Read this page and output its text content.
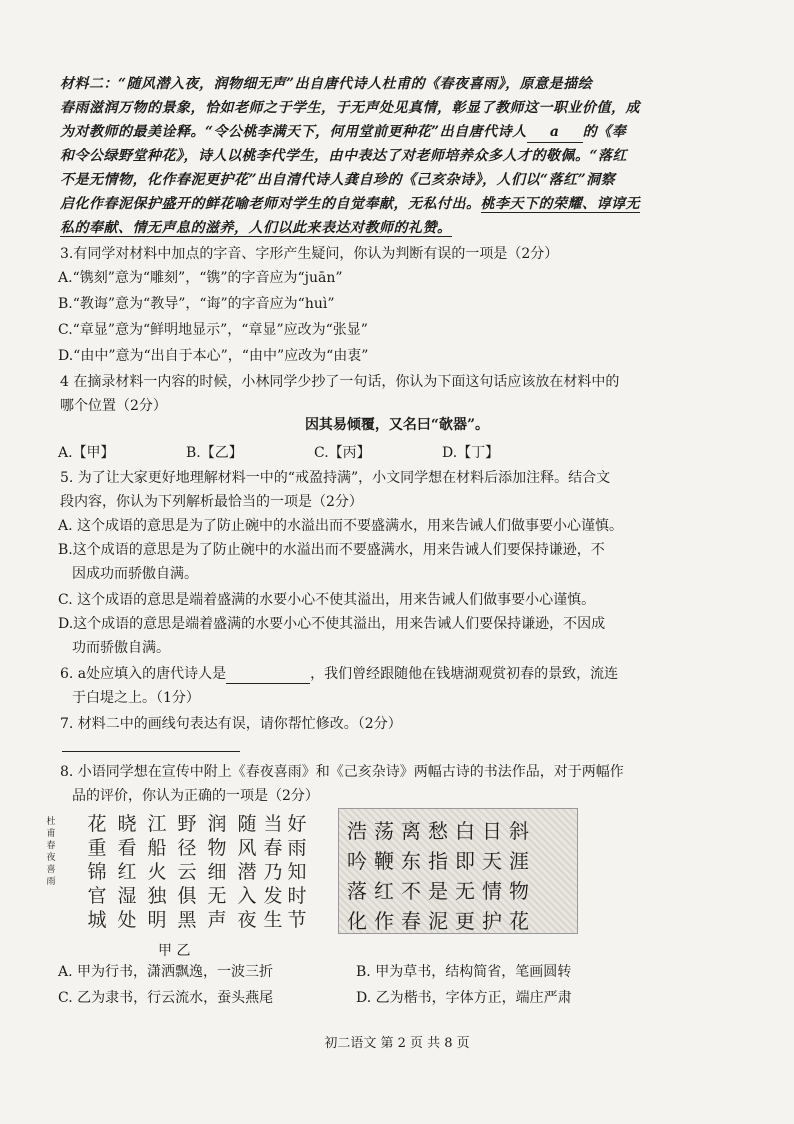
材料二：“随风潜入夜，润物细无声”出自唐代诗人杜甫的《春夜喜雨》，原意是描绘
春雨滋润万物的景象，恰如老师之于学生，于无声处见真情，彰显了教师这一职业价值，成
为对教师的最美诠释。“令公桃李满天下，何用堂前更种花”出自唐代诗人 a 的《奉
和令公绿野堂种花》，诗人以桃李代学生，由中表达了对老师培养众多人才的敬佩。“落红
不是无情物，化作春泥更护花”出自清代诗人龚自珍的《己亥杂诗》，人们以“落红”洞察
启化作春泥保护盛开的鲜花喻老师对学生的自觉奉献，无私付出。桃李天下的荣耀、谆谆无
私的奉献、情无声息的滋养，人们以此来表达对教师的礼赞。
3.有同学对材料中加点的字音、字形产生疑问，你认为判断有误的一项是（2分）
A.“镌刻”意为“雕刻”，“镌”的字音应为“juān”
B.“教诲”意为“教导”，“诲”的字音应为“huì”
C.“章显”意为“鲜明地显示”，“章显”应改为“张显”
D.“由中”意为“出自于本心”，“由中”应改为“由衷”
4 在摘录材料一内容的时候，小林同学少抄了一句话，你认为下面这句话应该放在材料中的
哪个位置（2分）
因其易倾覆，又名曰“欹器”。
A.【甲】	B.【乙】	C.【丙】	D.【丁】
5. 为了让大家更好地理解材料一中的“戒盈持满”，小文同学想在材料后添加注释。结合文
段内容，你认为下列解析最恰当的一项是（2分）
A. 这个成语的意思是为了防止碗中的水溢出而不要盛满水，用来告诫人们做事要小心谨慎。
B.这个成语的意思是为了防止碗中的水溢出而不要盛满水，用来告诫人们要保持谦逊，不
因成功而骄傲自满。
C. 这个成语的意思是端着盛满的水要小心不使其溢出，用来告诫人们做事要小心谨慎。
D.这个成语的意思是端着盛满的水要小心不使其溢出，用来告诫人们要保持谦逊，不因成
功而骄傲自满。
6. a处应填入的唐代诗人是	，我们曾经跟随他在钱塘湖观赏初春的景致，流连
于白堤之上。（1分）
7. 材料二中的画线句表达有误，请你帮忙修改。（2分）
8. 小语同学想在宣传中附上《春夜喜雨》和《己亥杂诗》两幅古诗的书法作品，对于两幅作
品的评价，你认为正确的一项是（2分）
杜
甫
春
夜
喜
雨
花
重
锦
官
城
晓
看
红
湿
处
江
船
火
独
明
野
径
云
俱
黑
润
物
细
无
声
随
风
潜
入
夜
当
春
乃
发
生
好
雨
知
时
节
浩荡离愁白日斜
吟鞭东指即天涯
落红不是无情物
化作春泥更护花
甲 乙
A. 甲为行书，潇洒飘逸，一波三折	B. 甲为草书，结构简省，笔画圆转
C. 乙为隶书，行云流水，蚕头燕尾	D. 乙为楷书，字体方正，端庄严肃
初二语文 第 2 页 共 8 页
